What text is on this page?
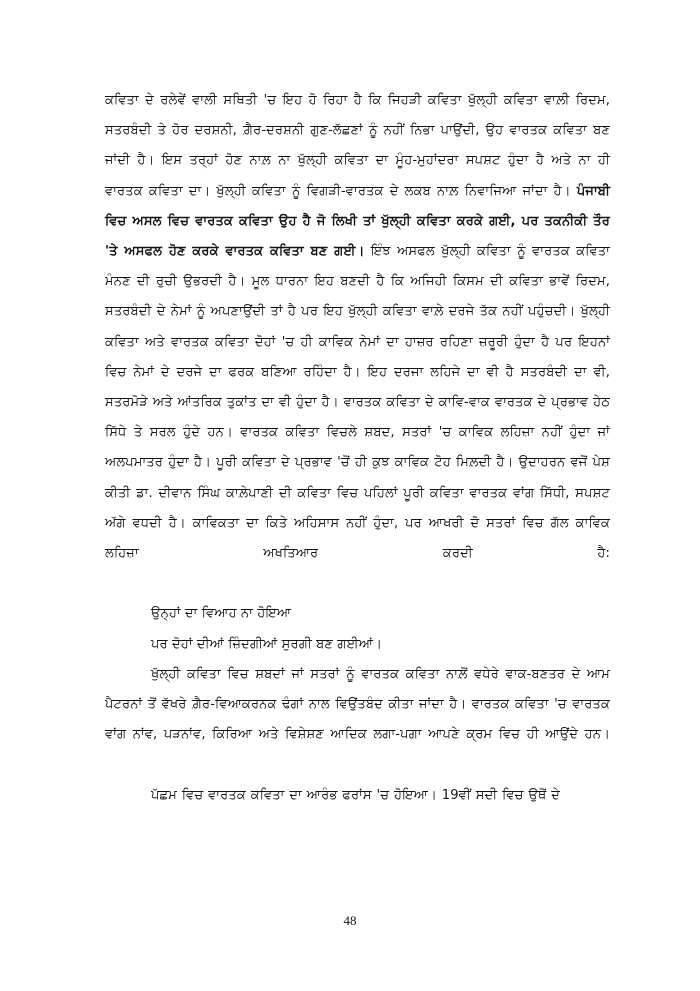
ਕਵਿਤਾ ਦੇ ਰਲੇਵੇਂ ਵਾਲੀ ਸਥਿਤੀ 'ਚ ਇਹ ਹੋ ਰਿਹਾ ਹੈ ਕਿ ਜਿਹੜੀ ਕਵਿਤਾ ਖੁੱਲ੍ਹੀ ਕਵਿਤਾ ਵਾਲ਼ੀ ਰਿਦਮ, ਸਤਰਬੰਦੀ ਤੇ ਹੋਰ ਦਰਸ਼ਨੀ, ਗ਼ੈਰ-ਦਰਸ਼ਨੀ ਗੁਣ-ਲੱਛਣਾਂ ਨੂੰ ਨਹੀਂ ਨਿਭਾ ਪਾਉਂਦੀ, ਉਹ ਵਾਰਤਕ ਕਵਿਤਾ ਬਣ ਜਾਂਦੀ ਹੈ। ਇਸ ਤਰ੍ਹਾਂ ਹੋਣ ਨਾਲ਼ ਨਾ ਖੁੱਲ੍ਹੀ ਕਵਿਤਾ ਦਾ ਮੂੰਹ-ਮੁਹਾਂਦਰਾ ਸਪਸ਼ਟ ਹੁੰਦਾ ਹੈ ਅਤੇ ਨਾ ਹੀ ਵਾਰਤਕ ਕਵਿਤਾ ਦਾ। ਖੁੱਲ੍ਹੀ ਕਵਿਤਾ ਨੂੰ ਵਿਗੜੀ-ਵਾਰਤਕ ਦੇ ਲਕਬ ਨਾਲ਼ ਨਿਵਾਜਿਆ ਜਾਂਦਾ ਹੈ। ਪੰਜਾਬੀ ਵਿਚ ਅਸਲ ਵਿਚ ਵਾਰਤਕ ਕਵਿਤਾ ਉਹ ਹੈ ਜੋ ਲਿਖੀ ਤਾਂ ਖੁੱਲ੍ਹੀ ਕਵਿਤਾ ਕਰਕੇ ਗਈ, ਪਰ ਤਕਨੀਕੀ ਤੌਰ 'ਤੇ ਅਸਫਲ ਹੋਣ ਕਰਕੇ ਵਾਰਤਕ ਕਵਿਤਾ ਬਣ ਗਈ। ਇੰਝ ਅਸਫਲ ਖੁੱਲ੍ਹੀ ਕਵਿਤਾ ਨੂੰ ਵਾਰਤਕ ਕਵਿਤਾ ਮੰਨਣ ਦੀ ਰੁਚੀ ਉਭਰਦੀ ਹੈ। ਮੂਲ ਧਾਰਨਾ ਇਹ ਬਣਦੀ ਹੈ ਕਿ ਅਜਿਹੀ ਕਿਸਮ ਦੀ ਕਵਿਤਾ ਭਾਵੇਂ ਰਿਦਮ, ਸਤਰਬੰਦੀ ਦੇ ਨੇਮਾਂ ਨੂੰ ਅਪਣਾਉਂਦੀ ਤਾਂ ਹੈ ਪਰ ਇਹ ਖੁੱਲ੍ਹੀ ਕਵਿਤਾ ਵਾਲ਼ੇ ਦਰਜੇ ਤੱਕ ਨਹੀਂ ਪਹੁੰਚਦੀ। ਖੁੱਲ੍ਹੀ ਕਵਿਤਾ ਅਤੇ ਵਾਰਤਕ ਕਵਿਤਾ ਦੋਹਾਂ 'ਚ ਹੀ ਕਾਵਿਕ ਨੇਮਾਂ ਦਾ ਹਾਜ਼ਰ ਰਹਿਣਾ ਜ਼ਰੂਰੀ ਹੁੰਦਾ ਹੈ ਪਰ ਇਹਨਾਂ ਵਿਚ ਨੇਮਾਂ ਦੇ ਦਰਜੇ ਦਾ ਫਰਕ ਬਣਿਆ ਰਹਿੰਦਾ ਹੈ। ਇਹ ਦਰਜਾ ਲਹਿਜੇ ਦਾ ਵੀ ਹੈ ਸਤਰਬੰਦੀ ਦਾ ਵੀ, ਸਤਰਮੋੜੇ ਅਤੇ ਆਂਤਰਿਕ ਤੁਕਾਂਤ ਦਾ ਵੀ ਹੁੰਦਾ ਹੈ। ਵਾਰਤਕ ਕਵਿਤਾ ਦੇ ਕਾਵਿ-ਵਾਕ ਵਾਰਤਕ ਦੇ ਪ੍ਰਭਾਵ ਹੇਠ ਸਿੱਧੇ ਤੇ ਸਰਲ ਹੁੰਦੇ ਹਨ। ਵਾਰਤਕ ਕਵਿਤਾ ਵਿਚਲੇ ਸ਼ਬਦ, ਸਤਰਾਂ 'ਚ ਕਾਵਿਕ ਲਹਿਜ਼ਾ ਨਹੀਂ ਹੁੰਦਾ ਜਾਂ ਅਲਪਮਾਤਰ ਹੁੰਦਾ ਹੈ। ਪੂਰੀ ਕਵਿਤਾ ਦੇ ਪ੍ਰਭਾਵ 'ਚੋਂ ਹੀ ਕੁਝ ਕਾਵਿਕ ਟੋਹ ਮਿਲ਼ਦੀ ਹੈ। ਉਦਾਹਰਨ ਵਜੋਂ ਪੇਸ਼ ਕੀਤੀ ਡਾ. ਦੀਵਾਨ ਸਿੰਘ ਕਾਲ਼ੇਪਾਣੀ ਦੀ ਕਵਿਤਾ ਵਿਚ ਪਹਿਲਾਂ ਪੂਰੀ ਕਵਿਤਾ ਵਾਰਤਕ ਵਾਂਗ ਸਿੱਧੀ, ਸਪਸ਼ਟ ਅੱਗੇ ਵਧਦੀ ਹੈ। ਕਾਵਿਕਤਾ ਦਾ ਕਿਤੇ ਅਹਿਸਾਸ ਨਹੀਂ ਹੁੰਦਾ, ਪਰ ਆਖਰੀ ਦੋ ਸਤਰਾਂ ਵਿਚ ਗੱਲ ਕਾਵਿਕ ਲਹਿਜ਼ਾ ਅਖਤਿਆਰ ਕਰਦੀ ਹੈ:

ਉਨ੍ਹਾਂ ਦਾ ਵਿਆਹ ਨਾ ਹੋਇਆ

ਪਰ ਦੋਹਾਂ ਦੀਆਂ ਜ਼ਿੰਦਗੀਆਂ ਸੁਰਗੀ ਬਣ ਗਈਆਂ।

ਖੁੱਲ੍ਹੀ ਕਵਿਤਾ ਵਿਚ ਸ਼ਬਦਾਂ ਜਾਂ ਸਤਰਾਂ ਨੂੰ ਵਾਰਤਕ ਕਵਿਤਾ ਨਾਲ਼ੋਂ ਵਧੇਰੇ ਵਾਕ-ਬਣਤਰ ਦੇ ਆਮ ਪੈਟਰਨਾਂ ਤੋਂ ਵੱਖਰੇ ਗ਼ੈਰ-ਵਿਆਕਰਨਕ ਢੰਗਾਂ ਨਾਲ ਵਿਉਂਤਬੰਦ ਕੀਤਾ ਜਾਂਦਾ ਹੈ। ਵਾਰਤਕ ਕਵਿਤਾ 'ਚ ਵਾਰਤਕ ਵਾਂਗ ਨਾਂਵ, ਪੜਨਾਂਵ, ਕਿਰਿਆ ਅਤੇ ਵਿਸ਼ੇਸ਼ਣ ਆਦਿਕ ਲਗਾ-ਪਗਾ ਆਪਣੇ ਕ੍ਰਮ ਵਿਚ ਹੀ ਆਉਂਦੇ ਹਨ।

ਪੱਛਮ ਵਿਚ ਵਾਰਤਕ ਕਵਿਤਾ ਦਾ ਆਰੰਭ ਫਰਾਂਸ 'ਚ ਹੋਇਆ। 19ਵੀਂ ਸਦੀ ਵਿਚ ਉਥੋਂ ਦੇ

48
